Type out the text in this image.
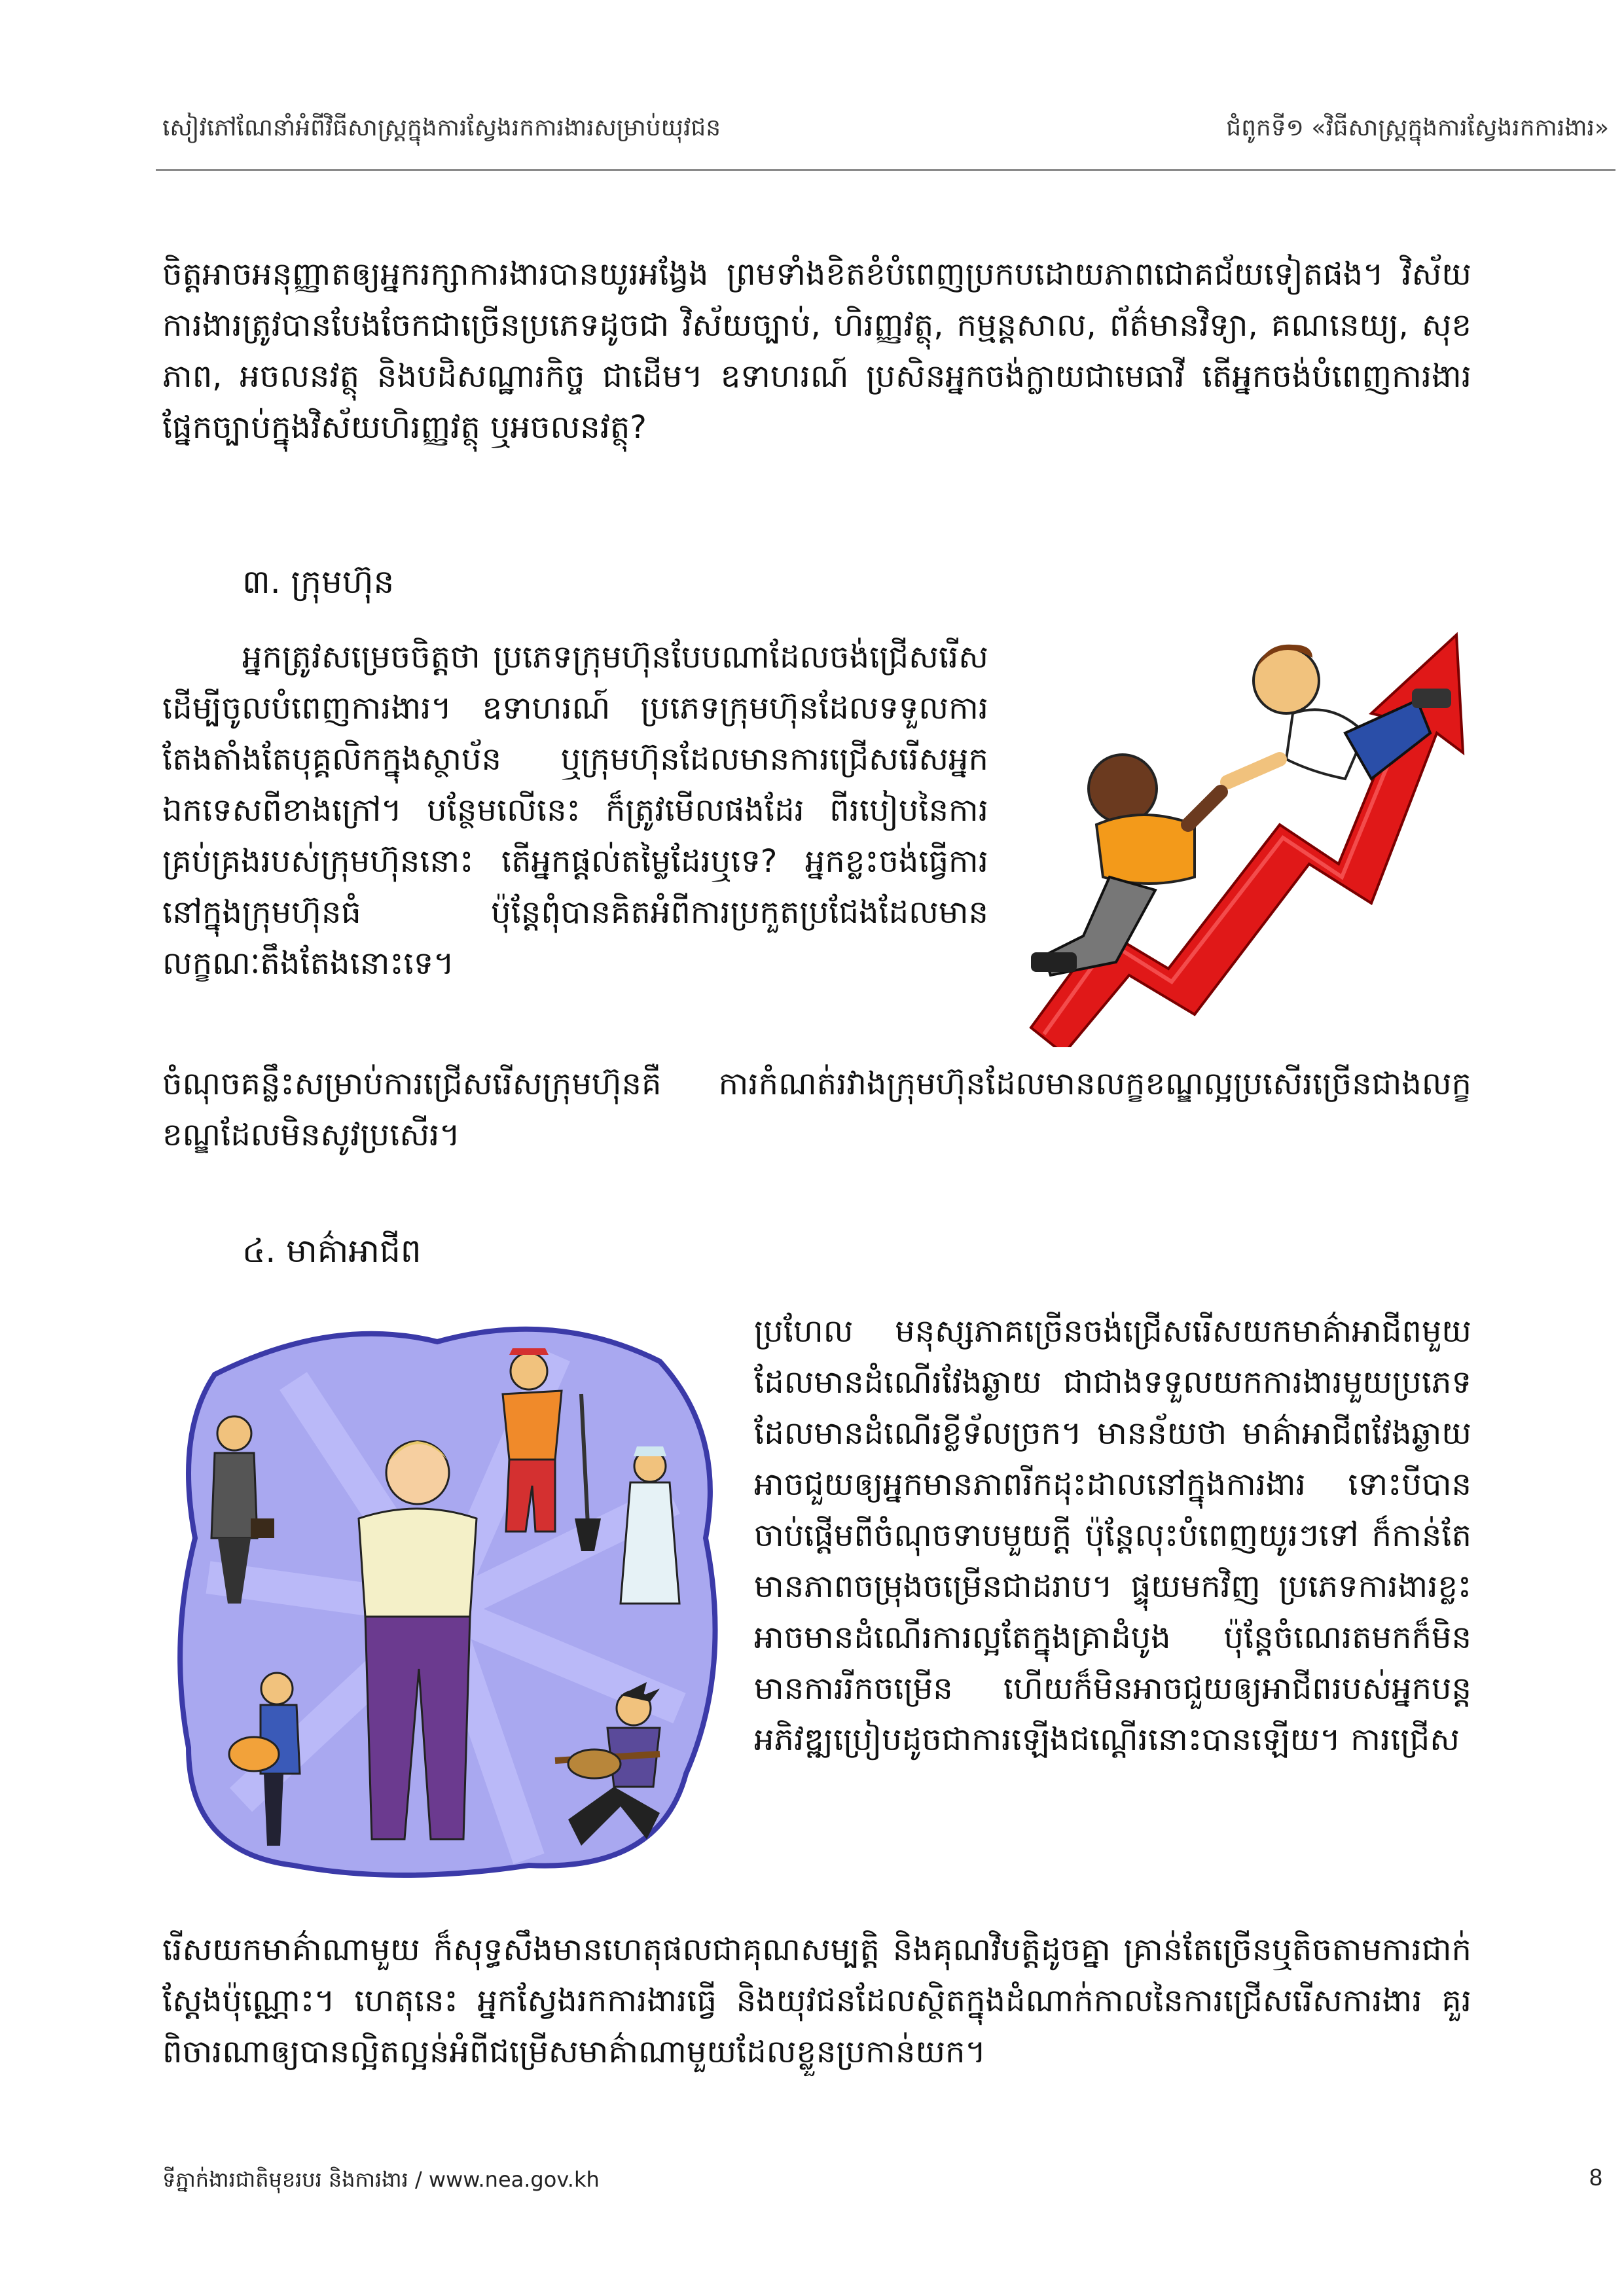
សៀវភៅណែនាំអំពីវិធីសាស្ត្រក្នុងការស្វែងរកការងារសម្រាប់យុវជន	ជំពូកទី១ «វិធីសាស្ត្រក្នុងការស្វែងរកការងារ»

ចិត្តអាចអនុញ្ញាតឲ្យអ្នករក្សាការងារបានយូរអង្វែង ព្រមទាំងខិតខំបំពេញប្រកបដោយភាពជោគជ័យទៀតផង។ វិស័យការងារត្រូវបានបែងចែកជាច្រើនប្រភេទដូចជា វិស័យច្បាប់, ហិរញ្ញវត្ថុ, កម្មន្តសាល, ព័ត៌មានវិទ្យា, គណនេយ្យ, សុខភាព, អចលនវត្ថុ និងបដិសណ្ឋារកិច្ច ជាដើម។ ឧទាហរណ៍ ប្រសិនអ្នកចង់ក្លាយជាមេធាវី តើអ្នកចង់បំពេញការងារផ្នែកច្បាប់ក្នុងវិស័យហិរញ្ញវត្ថុ ឬអចលនវត្ថុ?

៣. ក្រុមហ៊ុន

អ្នកត្រូវសម្រេចចិត្តថា ប្រភេទក្រុមហ៊ុនបែបណាដែលចង់ជ្រើសរើសដើម្បីចូលបំពេញការងារ។ ឧទាហរណ៍ ប្រភេទក្រុមហ៊ុនដែលទទួលការតែងតាំងតែបុគ្គលិកក្នុងស្ថាប័ន ឬក្រុមហ៊ុនដែលមានការជ្រើសរើសអ្នកឯកទេសពីខាងក្រៅ។ បន្ថែមលើនេះ ក៏ត្រូវមើលផងដែរ ពីរបៀបនៃការគ្រប់គ្រងរបស់ក្រុមហ៊ុននោះ តើអ្នកផ្តល់តម្លៃដែរឬទេ? អ្នកខ្លះចង់ធ្វើការនៅក្នុងក្រុមហ៊ុនធំ ប៉ុន្តែពុំបានគិតអំពីការប្រកួតប្រជែងដែលមានលក្ខណៈតឹងតែងនោះទេ។

ចំណុចគន្លឹះសម្រាប់ការជ្រើសរើសក្រុមហ៊ុនគឺ ការកំណត់រវាងក្រុមហ៊ុនដែលមានលក្ខខណ្ឌល្អប្រសើរច្រើនជាងលក្ខខណ្ឌដែលមិនសូវប្រសើរ។

៤. មាគ៌ាអាជីព

ប្រហែល មនុស្សភាគច្រើនចង់ជ្រើសរើសយកមាគ៌ាអាជីពមួយដែលមានដំណើរវែងឆ្ងាយ ជាជាងទទួលយកការងារមួយប្រភេទដែលមានដំណើរខ្លីទ័លច្រក។ មានន័យថា មាគ៌ាអាជីពវែងឆ្ងាយអាចជួយឲ្យអ្នកមានភាពរីកដុះដាលនៅក្នុងការងារ ទោះបីបានចាប់ផ្តើមពីចំណុចទាបមួយក្តី ប៉ុន្តែលុះបំពេញយូរៗទៅ ក៏កាន់តែមានភាពចម្រុងចម្រើនជាដរាប។ ផ្ទុយមកវិញ ប្រភេទការងារខ្លះអាចមានដំណើរការល្អតែក្នុងគ្រាដំបូង ប៉ុន្តែចំណេរតមកក៏មិនមានការរីកចម្រើន ហើយក៏មិនអាចជួយឲ្យអាជីពរបស់អ្នកបន្តអភិវឌ្ឍប្រៀបដូចជាការឡើងជណ្តើរនោះបានឡើយ។ ការជ្រើស

រើសយកមាគ៌ាណាមួយ ក៏សុទ្ធសឹងមានហេតុផលជាគុណសម្បត្តិ និងគុណវិបត្តិដូចគ្នា គ្រាន់តែច្រើនឬតិចតាមការជាក់ស្តែងប៉ុណ្ណោះ។ ហេតុនេះ អ្នកស្វែងរកការងារធ្វើ និងយុវជនដែលស្ថិតក្នុងដំណាក់កាលនៃការជ្រើសរើសការងារ គួរពិចារណាឲ្យបានល្អិតល្អន់អំពីជម្រើសមាគ៌ាណាមួយដែលខ្លួនប្រកាន់យក។

ទីភ្នាក់ងារជាតិមុខរបរ និងការងារ / www.nea.gov.kh	8
